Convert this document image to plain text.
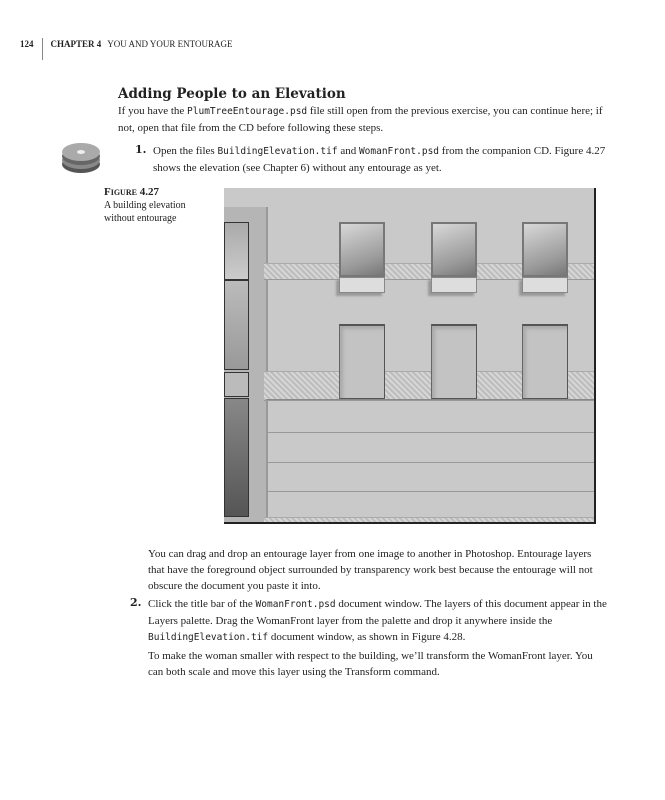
124	CHAPTER 4 YOU AND YOUR ENTOURAGE
Adding People to an Elevation
If you have the PlumTreeEntourage.psd file still open from the previous exercise, you can continue here; if not, open that file from the CD before following these steps.
1. Open the files BuildingElevation.tif and WomanFront.psd from the companion CD. Figure 4.27 shows the elevation (see Chapter 6) without any entourage as yet.
Figure 4.27
A building elevation without entourage
You can drag and drop an entourage layer from one image to another in Photoshop. Entourage layers that have the foreground object surrounded by transparency work best because the entourage will not obscure the document you paste it into.
2. Click the title bar of the WomanFront.psd document window. The layers of this document appear in the Layers palette. Drag the WomanFront layer from the palette and drop it anywhere inside the BuildingElevation.tif document window, as shown in Figure 4.28.
To make the woman smaller with respect to the building, we’ll transform the WomanFront layer. You can both scale and move this layer using the Transform command.
